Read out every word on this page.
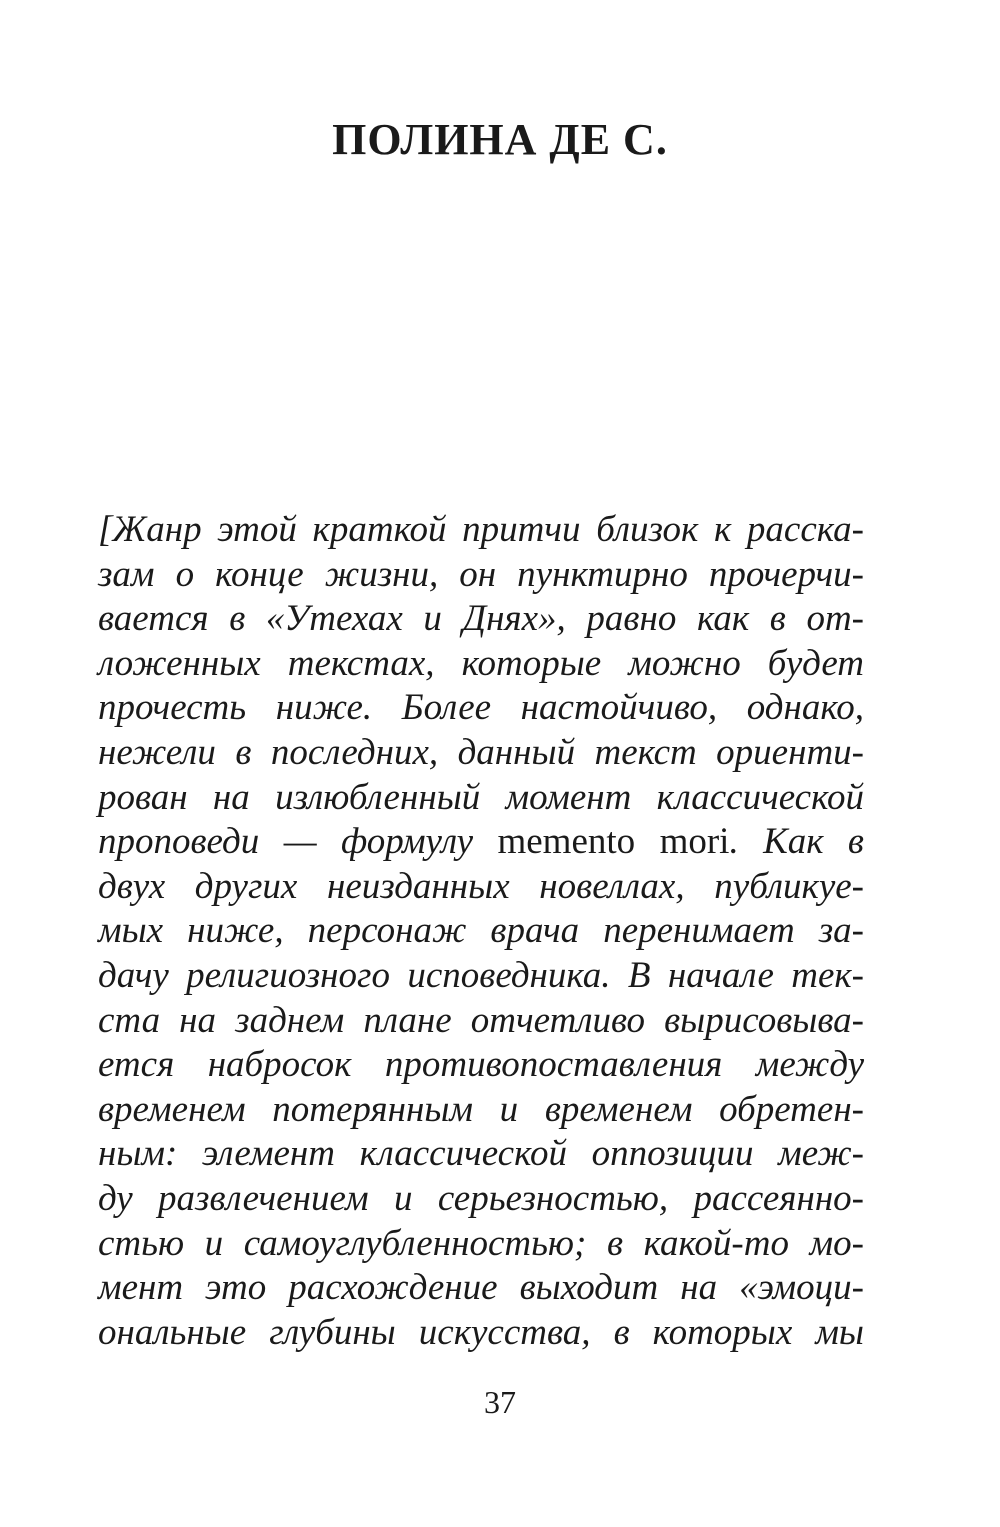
ПОЛИНА ДЕ С.
[Жанр этой краткой притчи близок к расска-
зам о конце жизни, он пунктирно прочерчи-
вается в «Утехах и Днях», равно как в от-
ложенных текстах, которые можно будет
прочесть ниже. Более настойчиво, однако,
нежели в последних, данный текст ориенти-
рован на излюбленный момент классической
проповеди — формулу memento mori. Как в
двух других неизданных новеллах, публикуе-
мых ниже, персонаж врача перенимает за-
дачу религиозного исповедника. В начале тек-
ста на заднем плане отчетливо вырисовыва-
ется набросок противопоставления между
временем потерянным и временем обретен-
ным: элемент классической оппозиции меж-
ду развлечением и серьезностью, рассеянно-
стью и самоуглубленностью; в какой-то мо-
мент это расхождение выходит на «эмоци-
ональные глубины искусства, в которых мы
37
